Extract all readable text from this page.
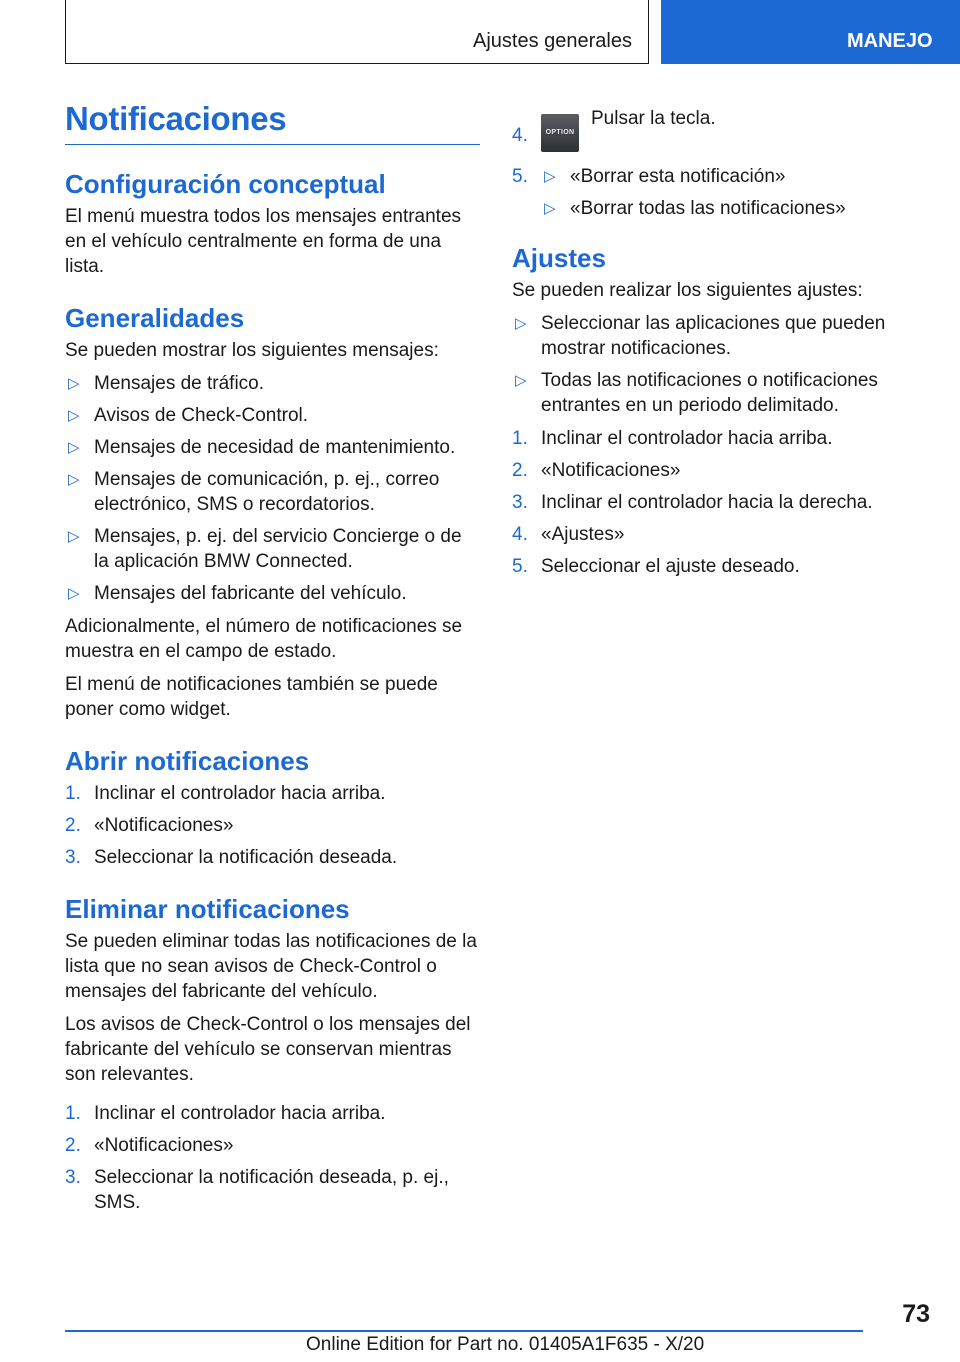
Ajustes generales	MANEJO
Notificaciones
Configuración conceptual

El menú muestra todos los mensajes entrantes en el vehículo centralmente en forma de una lista.

Generalidades

Se pueden mostrar los siguientes mensajes:

▷ Mensajes de tráfico.
▷ Avisos de Check-Control.
▷ Mensajes de necesidad de mantenimiento.
▷ Mensajes de comunicación, p. ej., correo electrónico, SMS o recordatorios.
▷ Mensajes, p. ej. del servicio Concierge o de la aplicación BMW Connected.
▷ Mensajes del fabricante del vehículo.

Adicionalmente, el número de notificaciones se muestra en el campo de estado.

El menú de notificaciones también se puede poner como widget.

Abrir notificaciones
1. Inclinar el controlador hacia arriba.
2. «Notificaciones»
3. Seleccionar la notificación deseada.
Eliminar notificaciones

Se pueden eliminar todas las notificaciones de la lista que no sean avisos de Check-Control o mensajes del fabricante del vehículo.

Los avisos de Check-Control o los mensajes del fabricante del vehículo se conservan mientras son relevantes.

1. Inclinar el controlador hacia arriba.
2. «Notificaciones»
3. Seleccionar la notificación deseada, p. ej., SMS.
4.	OPTIONPulsar la tecla.
5. ▷ «Borrar esta notificación»
▷ «Borrar todas las notificaciones»
Ajustes

Se pueden realizar los siguientes ajustes:

▷ Seleccionar las aplicaciones que pueden mostrar notificaciones.
▷ Todas las notificaciones o notificaciones entrantes en un periodo delimitado.
1. Inclinar el controlador hacia arriba.
2. «Notificaciones»
3. Inclinar el controlador hacia la derecha.
4. «Ajustes»
5. Seleccionar el ajuste deseado.
73
Online Edition for Part no. 01405A1F635 - X/20
